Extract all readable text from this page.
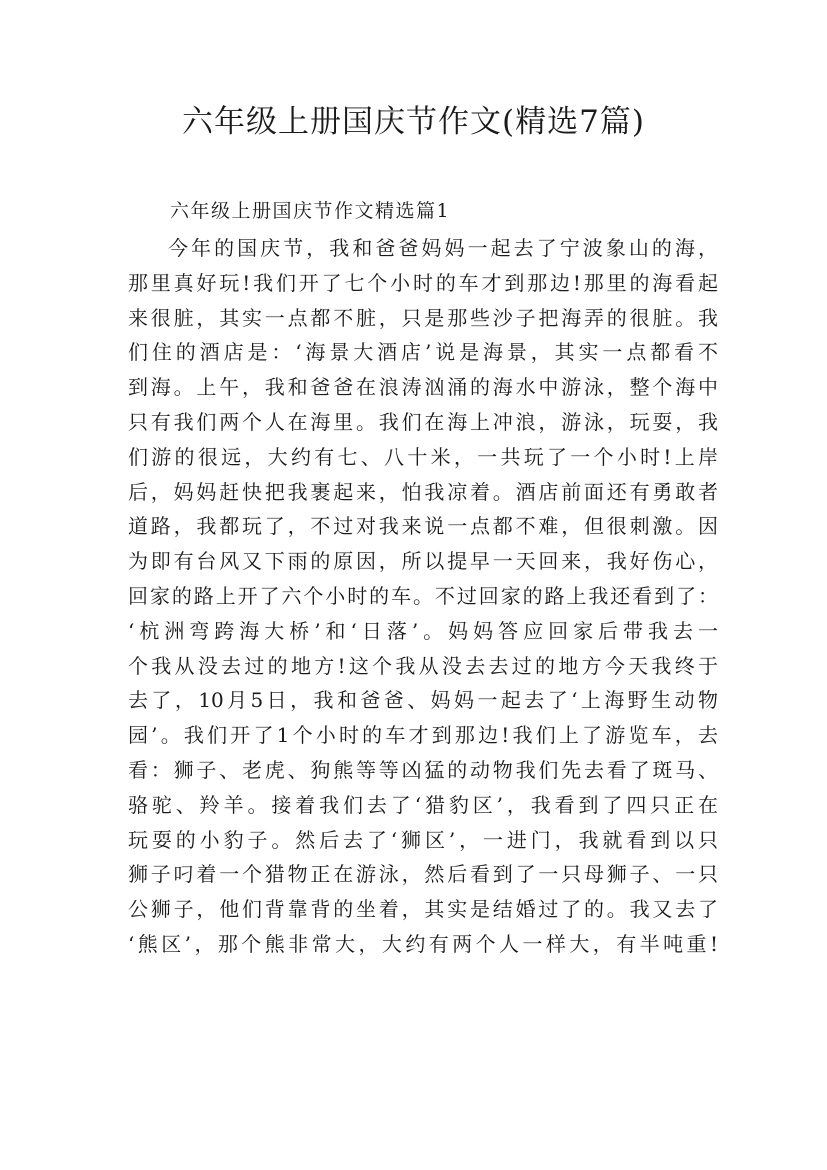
六年级上册国庆节作文(精选7篇)

六年级上册国庆节作文精选篇1

今年的国庆节，我和爸爸妈妈一起去了宁波象山的海，
那里真好玩!我们开了七个小时的车才到那边!那里的海看起
来很脏，其实一点都不脏，只是那些沙子把海弄的很脏。我
们住的酒店是：‘海景大酒店’说是海景，其实一点都看不
到海。上午，我和爸爸在浪涛汹涌的海水中游泳，整个海中
只有我们两个人在海里。我们在海上冲浪，游泳，玩耍，我
们游的很远，大约有七、八十米，一共玩了一个小时!上岸
后，妈妈赶快把我裹起来，怕我凉着。酒店前面还有勇敢者
道路，我都玩了，不过对我来说一点都不难，但很刺激。因
为即有台风又下雨的原因，所以提早一天回来，我好伤心，
回家的路上开了六个小时的车。不过回家的路上我还看到了：
‘杭洲弯跨海大桥’和‘日落’。妈妈答应回家后带我去一
个我从没去过的地方!这个我从没去去过的地方今天我终于
去了，10月5日，我和爸爸、妈妈一起去了‘上海野生动物
园’。我们开了1个小时的车才到那边!我们上了游览车，去
看：狮子、老虎、狗熊等等凶猛的动物我们先去看了斑马、
骆驼、羚羊。接着我们去了‘猎豹区’，我看到了四只正在
玩耍的小豹子。然后去了‘狮区’，一进门，我就看到以只
狮子叼着一个猎物正在游泳，然后看到了一只母狮子、一只
公狮子，他们背靠背的坐着，其实是结婚过了的。我又去了
‘熊区’，那个熊非常大，大约有两个人一样大，有半吨重!
